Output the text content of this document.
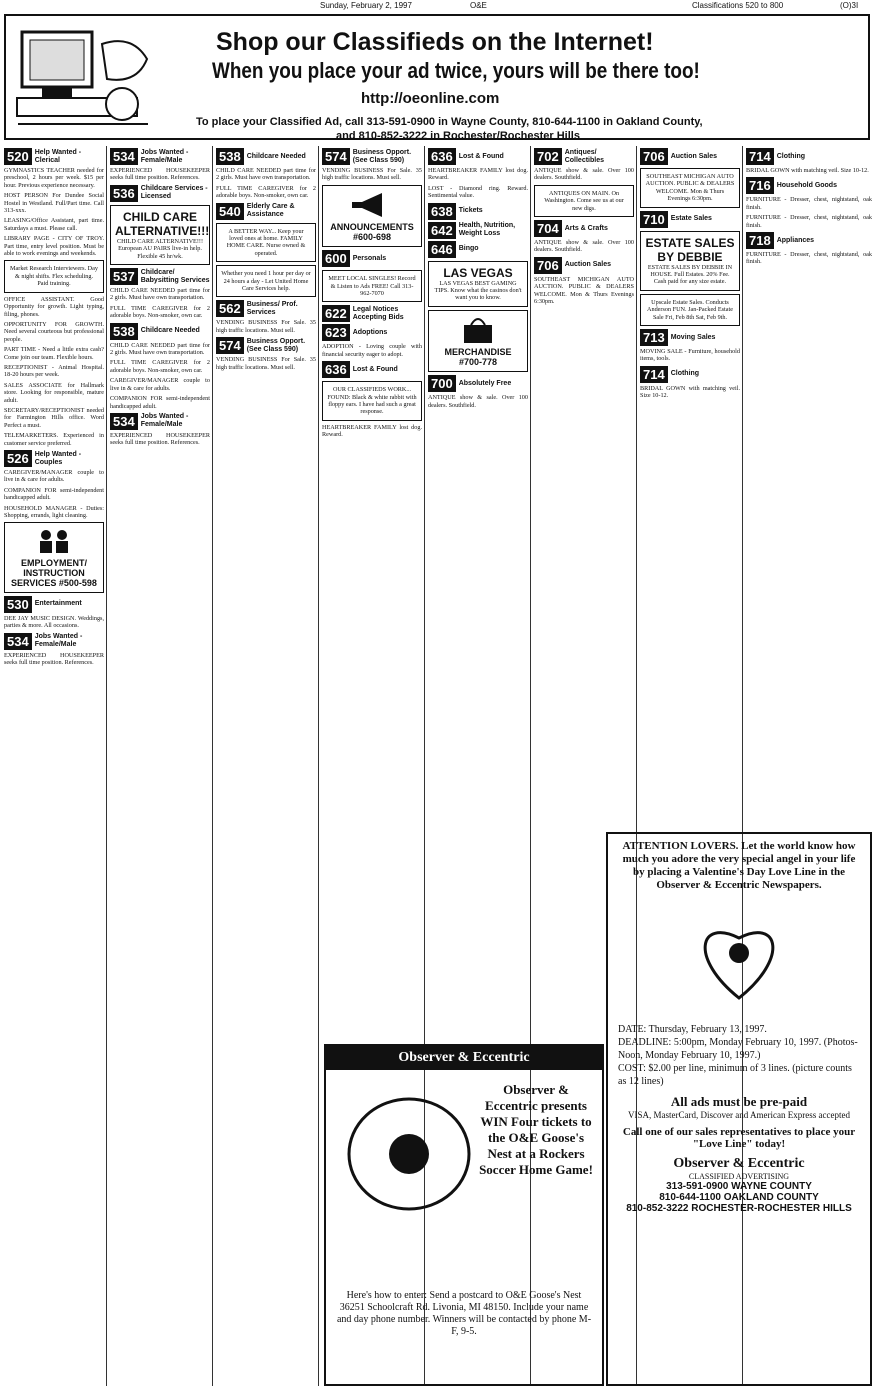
Sunday, February 2, 1997	O&E	Classifications 520 to 800	(O)3I
Shop our Classifieds on the Internet!
When you place your ad twice, yours will be there too!
http://oeonline.com
To place your Classified Ad, call 313-591-0900 in Wayne County, 810-644-1100 in Oakland County,
and 810-852-3222 in Rochester/Rochester Hills
520 Help Wanted - Clerical

GYMNASTICS TEACHER needed for preschool, 2 hours per week. $15 per hour. Previous experience necessary.

HOST PERSON For Dundee Social Hostel in Westland. Full/Part time. Call 313-xxx.

LEASING/Office Assistant, part time. Saturdays a must. Please call.

LIBRARY PAGE - CITY OF TROY. Part time, entry level position. Must be able to work evenings and weekends.

Market Research Interviewers. Day & night shifts. Flex scheduling. Paid training.

OFFICE ASSISTANT. Good Opportunity for growth. Light typing, filing, phones.

OPPORTUNITY FOR GROWTH. Need several courteous but professional people.

PART TIME - Need a little extra cash? Come join our team. Flexible hours.

RECEPTIONIST - Animal Hospital. 18-20 hours per week.

SALES ASSOCIATE for Hallmark store. Looking for responsible, mature adult.

SECRETARY/RECEPTIONIST needed for Farmington Hills office. Word Perfect a must.

TELEMARKETERS. Experienced in customer service preferred.

526 Help Wanted - Couples

CAREGIVER/MANAGER couple to live in & care for adults.

COMPANION FOR semi-independent handicapped adult.

HOUSEHOLD MANAGER - Duties: Shopping, errands, light cleaning.

EMPLOYMENT/ INSTRUCTION SERVICES #500-598
530 Entertainment

DEE JAY MUSIC DESIGN. Weddings, parties & more. All occasions.

534 Jobs Wanted - Female/Male

EXPERIENCED HOUSEKEEPER seeks full time position. References.

534 Jobs Wanted - Female/Male

EXPERIENCED HOUSEKEEPER seeks full time position. References.

536 Childcare Services - Licensed
CHILD CARE ALTERNATIVE!!!
CHILD CARE ALTERNATIVE!!! European AU PAIRS live-in help. Flexible 45 hr/wk.
537 Childcare/ Babysitting Services

CHILD CARE NEEDED part time for 2 girls. Must have own transportation.

FULL TIME CAREGIVER for 2 adorable boys. Non-smoker, own car.

538 Childcare Needed

CHILD CARE NEEDED part time for 2 girls. Must have own transportation.

FULL TIME CAREGIVER for 2 adorable boys. Non-smoker, own car.

CAREGIVER/MANAGER couple to live in & care for adults.

COMPANION FOR semi-independent handicapped adult.

534 Jobs Wanted - Female/Male

EXPERIENCED HOUSEKEEPER seeks full time position. References.

538 Childcare Needed

CHILD CARE NEEDED part time for 2 girls. Must have own transportation.

FULL TIME CAREGIVER for 2 adorable boys. Non-smoker, own car.

540 Elderly Care & Assistance
A BETTER WAY... Keep your loved ones at home. FAMILY HOME CARE. Nurse owned & operated.
Whether you need 1 hour per day or 24 hours a day - Let United Home Care Services help.
562 Business/ Prof. Services

VENDING BUSINESS For Sale. 35 high traffic locations. Must sell.

574 Business Opport. (See Class 590)

VENDING BUSINESS For Sale. 35 high traffic locations. Must sell.

574 Business Opport. (See Class 590)

VENDING BUSINESS For Sale. 35 high traffic locations. Must sell.

ANNOUNCEMENTS #600-698
600 Personals
MEET LOCAL SINGLES! Record & Listen to Ads FREE! Call 313-962-7070
622 Legal Notices Accepting Bids
623 Adoptions

ADOPTION - Loving couple with financial security eager to adopt.

636 Lost & Found
OUR CLASSIFIEDS WORK... FOUND: Black & white rabbit with floppy ears. I have had such a great response.

HEARTBREAKER FAMILY lost dog. Reward.

636 Lost & Found

HEARTBREAKER FAMILY lost dog. Reward.

LOST - Diamond ring. Reward. Sentimental value.

638 Tickets
642 Health, Nutrition, Weight Loss
646 Bingo
LAS VEGAS
LAS VEGAS BEST GAMING TIPS. Know what the casinos don't want you to know.
MERCHANDISE #700-778
700 Absolutely Free

ANTIQUE show & sale. Over 100 dealers. Southfield.

702 Antiques/ Collectibles

ANTIQUE show & sale. Over 100 dealers. Southfield.

ANTIQUES ON MAIN. On Washington. Come see us at our new digs.
704 Arts & Crafts

ANTIQUE show & sale. Over 100 dealers. Southfield.

706 Auction Sales

SOUTHEAST MICHIGAN AUTO AUCTION. PUBLIC & DEALERS WELCOME. Mon & Thurs Evenings 6:30pm.

706 Auction Sales
SOUTHEAST MICHIGAN AUTO AUCTION. PUBLIC & DEALERS WELCOME. Mon & Thurs Evenings 6:30pm.
710 Estate Sales
ESTATE SALES BY DEBBIE
ESTATE SALES BY DEBBIE IN HOUSE. Full Estates. 20% Fee. Cash paid for any size estate.
Upscale Estate Sales. Conducts Anderson FUN. Jan-Packed Estate Sale Fri, Feb 8th Sat, Feb 9th.
713 Moving Sales

MOVING SALE - Furniture, household items, tools.

714 Clothing

BRIDAL GOWN with matching veil. Size 10-12.

714 Clothing

BRIDAL GOWN with matching veil. Size 10-12.

716 Household Goods

FURNITURE - Dresser, chest, nightstand, oak finish.

FURNITURE - Dresser, chest, nightstand, oak finish.

718 Appliances

FURNITURE - Dresser, chest, nightstand, oak finish.

Observer & Eccentric
Observer & Eccentric presents WIN Four tickets to the O&E Goose's Nest at a Rockers Soccer Home Game!
Here's how to enter: Send a postcard to O&E Goose's Nest 36251 Schoolcraft Rd. Livonia, MI 48150. Include your name and day phone number. Winners will be contacted by phone M-F, 9-5.
ATTENTION LOVERS. Let the world know how much you adore the very special angel in your life by placing a Valentine's Day Love Line in the Observer & Eccentric Newspapers.
DATE: Thursday, February 13, 1997.
DEADLINE: 5:00pm, Monday February 10, 1997. (Photos-Noon, Monday February 10, 1997.)
COST: $2.00 per line, minimum of 3 lines. (picture counts as 12 lines)
All ads must be pre-paid
VISA, MasterCard, Discover and American Express accepted
Call one of our sales representatives to place your "Love Line" today!
Observer & Eccentric
CLASSIFIED ADVERTISING
313-591-0900 WAYNE COUNTY
810-644-1100 OAKLAND COUNTY
810-852-3222 ROCHESTER-ROCHESTER HILLS
